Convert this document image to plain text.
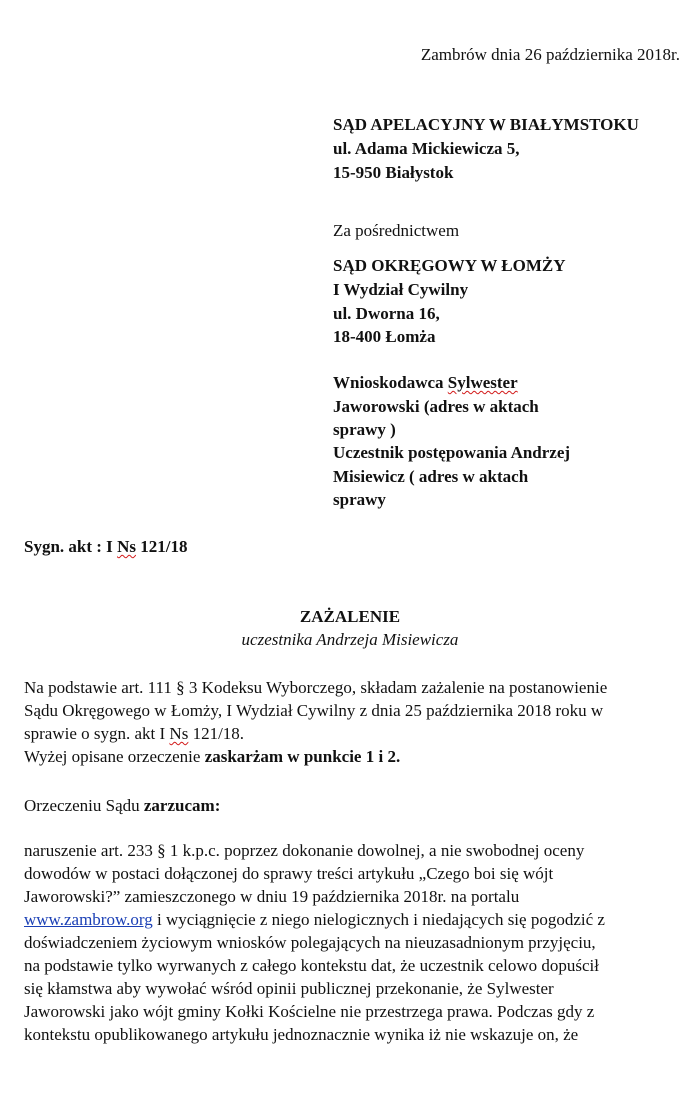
Zambrów dnia 26 października 2018r.
SĄD APELACYJNY W BIAŁYMSTOKU
ul. Adama Mickiewicza 5,
15-950 Białystok
Za pośrednictwem
SĄD OKRĘGOWY W ŁOMŻY
I Wydział Cywilny
ul. Dworna 16,
18-400 Łomża
Wnioskodawca Sylwester
Jaworowski (adres w aktach
sprawy )
Uczestnik postępowania Andrzej
Misiewicz ( adres w aktach
sprawy
Sygn. akt : I Ns 121/18
ZAŻALENIE
uczestnika Andrzeja Misiewicza
Na podstawie art. 111 § 3 Kodeksu Wyborczego, składam zażalenie na postanowienie
Sądu Okręgowego w Łomży, I Wydział Cywilny z dnia 25 października 2018 roku w
sprawie o sygn. akt I Ns 121/18.
Wyżej opisane orzeczenie zaskarżam w punkcie 1 i 2.
Orzeczeniu Sądu zarzucam:
naruszenie art. 233 § 1 k.p.c. poprzez dokonanie dowolnej, a nie swobodnej oceny
dowodów w postaci dołączonej do sprawy treści artykułu „Czego boi się wójt
Jaworowski?” zamieszczonego w dniu 19 października 2018r. na portalu
www.zambrow.org i wyciągnięcie z niego nielogicznych i niedających się pogodzić z
doświadczeniem życiowym wniosków polegających na nieuzasadnionym przyjęciu,
na podstawie tylko wyrwanych z całego kontekstu dat, że uczestnik celowo dopuścił
się kłamstwa aby wywołać wśród opinii publicznej przekonanie, że Sylwester
Jaworowski jako wójt gminy Kołki Kościelne nie przestrzega prawa. Podczas gdy z
kontekstu opublikowanego artykułu jednoznacznie wynika iż nie wskazuje on, że
